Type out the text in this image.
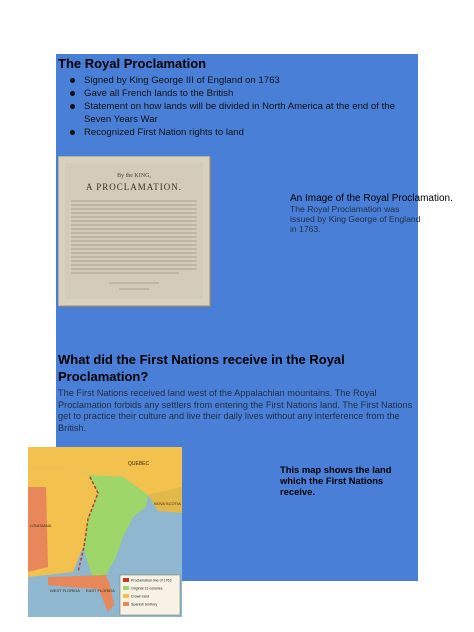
The Royal Proclamation
Signed by King George III of England on 1763
Gave all French lands to the British
Statement on how lands will be divided in North America at the end of the Seven Years War
Recognized First Nation rights to land
By the KING,
A PROCLAMATION.
An Image of the Royal Proclamation.
The Royal Proclamation was issued by King George of England in 1763.
What did the First Nations receive in the Royal Proclamation?
The First Nations received land west of the Appalachian mountains. The Royal Proclamation forbids any settlers from entering the First Nations land. The First Nations get to practice their culture and live their daily lives without any interference from the British.
QUEBEC
NOVA SCOTIA
LOUISIANA
EAST FLORIDA
WEST FLORIDA
Proclamation line of 1763
Original 13 colonies
Crown land
Spanish territory
This map shows the land which the First Nations receive.
